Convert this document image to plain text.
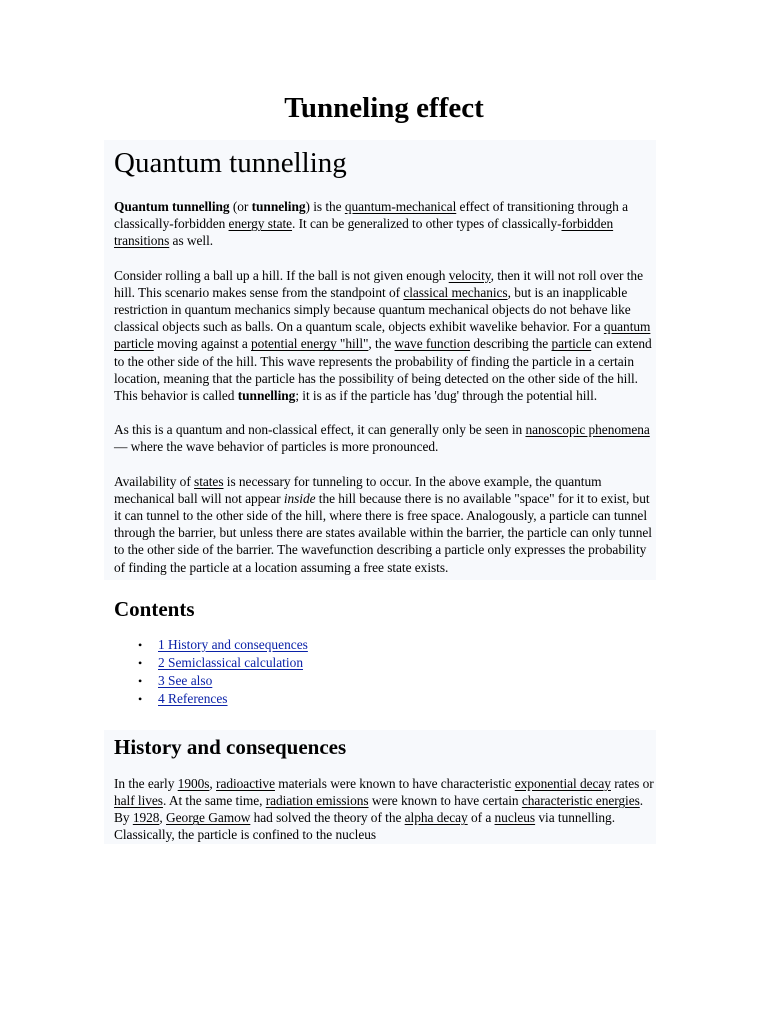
Tunneling effect
Quantum tunnelling

Quantum tunnelling (or tunneling) is the quantum-mechanical effect of transitioning through a classically-forbidden energy state. It can be generalized to other types of classically-forbidden transitions as well.

Consider rolling a ball up a hill. If the ball is not given enough velocity, then it will not roll over the hill. This scenario makes sense from the standpoint of classical mechanics, but is an inapplicable restriction in quantum mechanics simply because quantum mechanical objects do not behave like classical objects such as balls. On a quantum scale, objects exhibit wavelike behavior. For a quantum particle moving against a potential energy "hill", the wave function describing the particle can extend to the other side of the hill. This wave represents the probability of finding the particle in a certain location, meaning that the particle has the possibility of being detected on the other side of the hill. This behavior is called tunnelling; it is as if the particle has 'dug' through the potential hill.

As this is a quantum and non-classical effect, it can generally only be seen in nanoscopic phenomena — where the wave behavior of particles is more pronounced.

Availability of states is necessary for tunneling to occur. In the above example, the quantum mechanical ball will not appear inside the hill because there is no available "space" for it to exist, but it can tunnel to the other side of the hill, where there is free space. Analogously, a particle can tunnel through the barrier, but unless there are states available within the barrier, the particle can only tunnel to the other side of the barrier. The wavefunction describing a particle only expresses the probability of finding the particle at a location assuming a free state exists.

Contents
• 1 History and consequences
• 2 Semiclassical calculation
• 3 See also
• 4 References
History and consequences

In the early 1900s, radioactive materials were known to have characteristic exponential decay rates or half lives. At the same time, radiation emissions were known to have certain characteristic energies. By 1928, George Gamow had solved the theory of the alpha decay of a nucleus via tunnelling. Classically, the particle is confined to the nucleus
